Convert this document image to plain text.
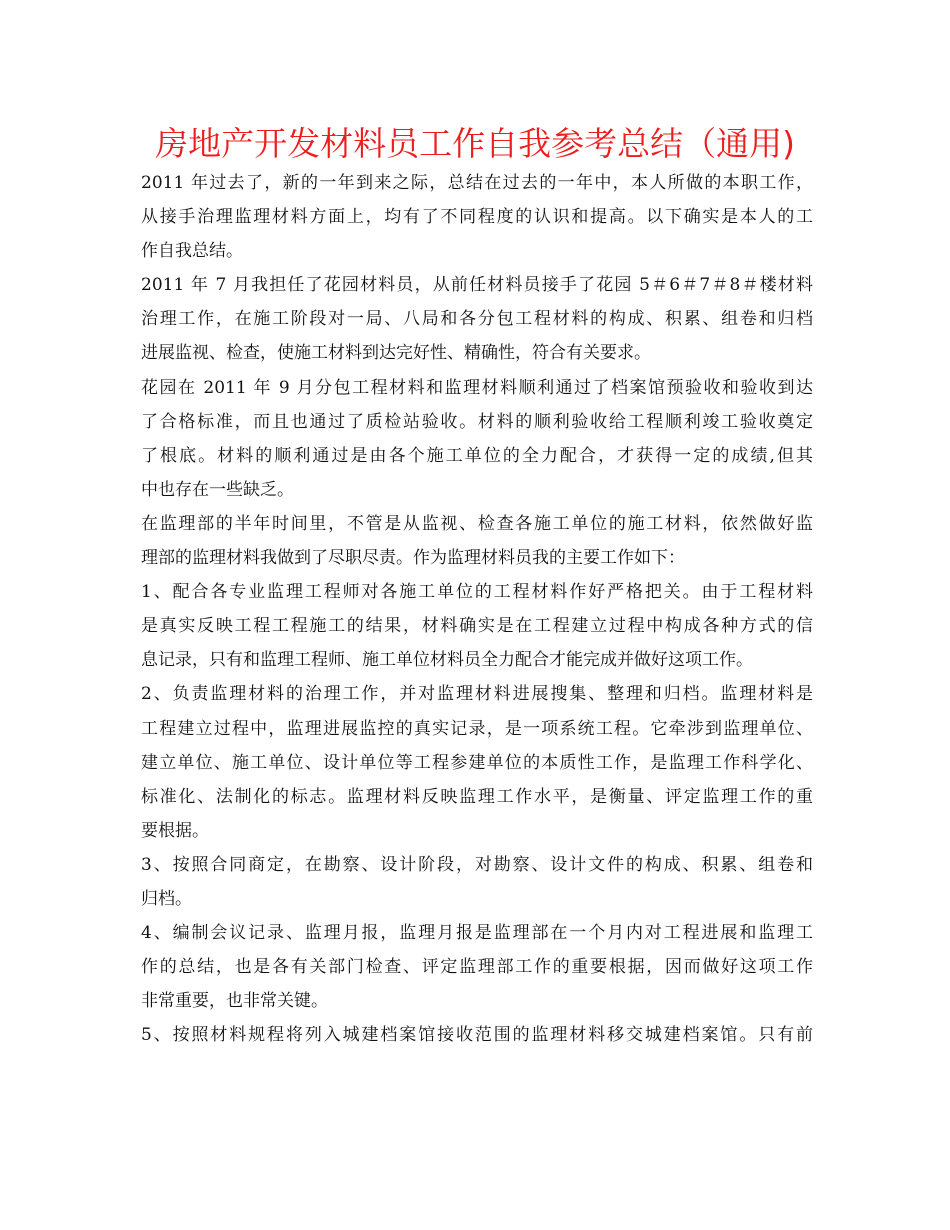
房地产开发材料员工作自我参考总结（通用)
2011 年过去了，新的一年到来之际，总结在过去的一年中，本人所做的本职工作，
从接手治理监理材料方面上，均有了不同程度的认识和提高。以下确实是本人的工
作自我总结。
2011 年 7 月我担任了花园材料员，从前任材料员接手了花园 5＃6＃7＃8＃楼材料
治理工作，在施工阶段对一局、八局和各分包工程材料的构成、积累、组卷和归档
进展监视、检查，使施工材料到达完好性、精确性，符合有关要求。
花园在 2011 年 9 月分包工程材料和监理材料顺利通过了档案馆预验收和验收到达
了合格标准，而且也通过了质检站验收。材料的顺利验收给工程顺利竣工验收奠定
了根底。材料的顺利通过是由各个施工单位的全力配合，才获得一定的成绩,但其
中也存在一些缺乏。
在监理部的半年时间里，不管是从监视、检查各施工单位的施工材料，依然做好监
理部的监理材料我做到了尽职尽责。作为监理材料员我的主要工作如下：
1、配合各专业监理工程师对各施工单位的工程材料作好严格把关。由于工程材料
是真实反映工程工程施工的结果，材料确实是在工程建立过程中构成各种方式的信
息记录，只有和监理工程师、施工单位材料员全力配合才能完成并做好这项工作。
2、负责监理材料的治理工作，并对监理材料进展搜集、整理和归档。监理材料是
工程建立过程中，监理进展监控的真实记录，是一项系统工程。它牵涉到监理单位、
建立单位、施工单位、设计单位等工程参建单位的本质性工作，是监理工作科学化、
标准化、法制化的标志。监理材料反映监理工作水平，是衡量、评定监理工作的重
要根据。
3、按照合同商定，在勘察、设计阶段，对勘察、设计文件的构成、积累、组卷和
归档。
4、编制会议记录、监理月报，监理月报是监理部在一个月内对工程进展和监理工
作的总结，也是各有关部门检查、评定监理部工作的重要根据，因而做好这项工作
非常重要，也非常关键。
5、按照材料规程将列入城建档案馆接收范围的监理材料移交城建档案馆。只有前
